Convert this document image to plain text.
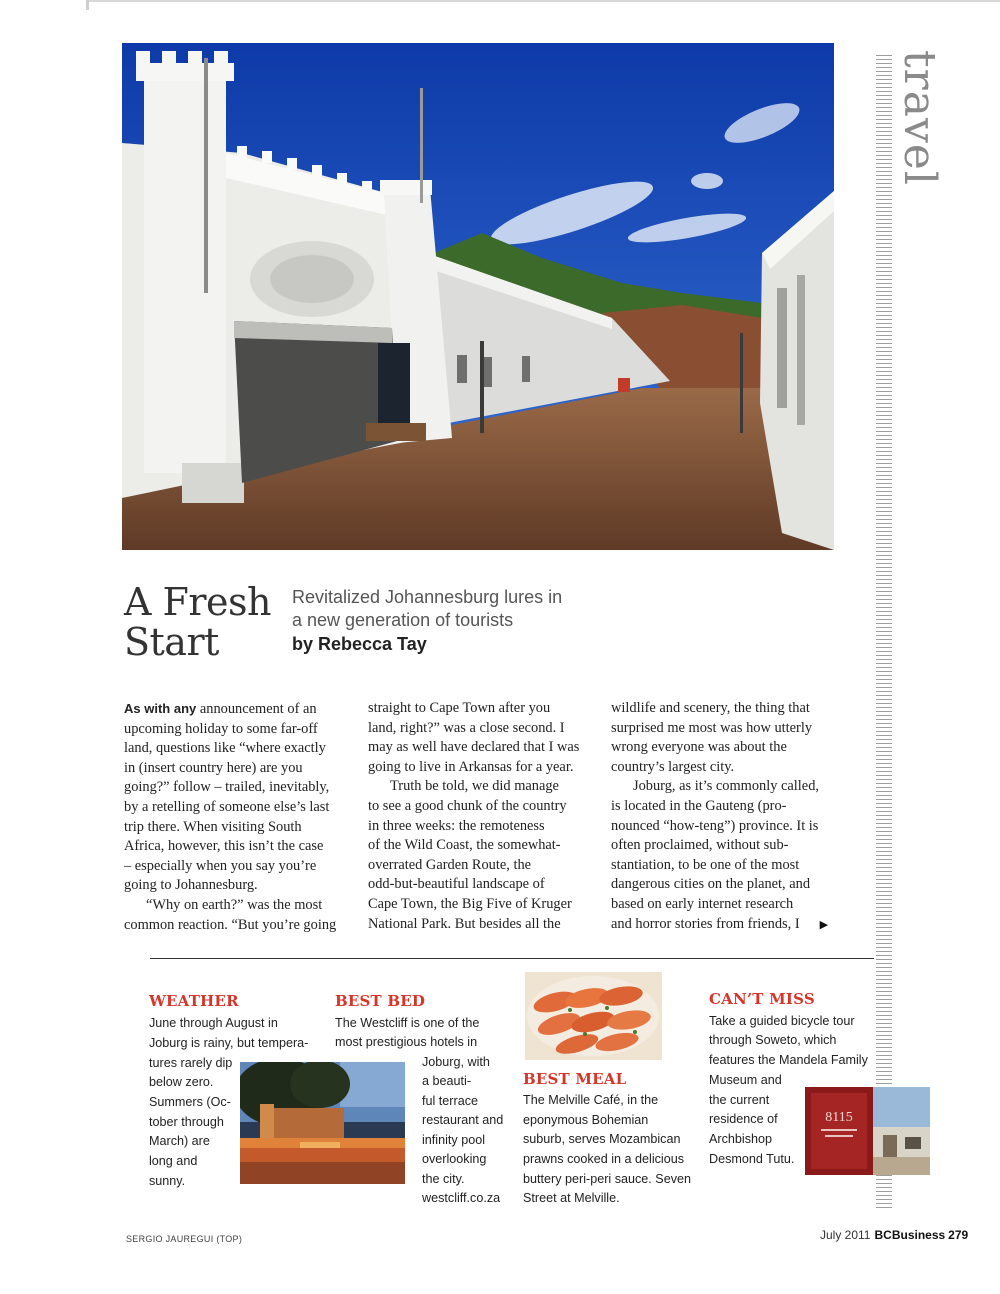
travel
A Fresh
Start
Revitalized Johannesburg lures in
a new generation of tourists
by Rebecca Tay
As with any announcement of an
upcoming holiday to some far-off
land, questions like “where exactly
in (insert country here) are you
going?” follow – trailed, inevitably,
by a retelling of someone else’s last
trip there. When visiting South
Africa, however, this isn’t the case
– especially when you say you’re
going to Johannesburg.
“Why on earth?” was the most
common reaction. “But you’re going
straight to Cape Town after you
land, right?” was a close second. I
may as well have declared that I was
going to live in Arkansas for a year.
Truth be told, we did manage
to see a good chunk of the country
in three weeks: the remoteness
of the Wild Coast, the somewhat-
overrated Garden Route, the
odd-but-beautiful landscape of
Cape Town, the Big Five of Kruger
National Park. But besides all the
wildlife and scenery, the thing that
surprised me most was how utterly
wrong everyone was about the
country’s largest city.
Joburg, as it’s commonly called,
is located in the Gauteng (pro-
nounced “how-teng”) province. It is
often proclaimed, without sub-
stantiation, to be one of the most
dangerous cities on the planet, and
based on early internet research
and horror stories from friends, I ▶
WEATHER
June through August in
Joburg is rainy, but tempera-
tures rarely dip
below zero.
Summers (Oc-
tober through
March) are
long and
sunny.
BEST BED
The Westcliff is one of the
most prestigious hotels in
Joburg, with
a beauti-
ful terrace
restaurant and
infinity pool
overlooking
the city.
westcliff.co.za
BEST MEAL
The Melville Café, in the
eponymous Bohemian
suburb, serves Mozambican
prawns cooked in a delicious
buttery peri-peri sauce. Seven
Street at Melville.
CAN’T MISS
Take a guided bicycle tour
through Soweto, which
features the Mandela Family
Museum and
the current
residence of
Archbishop
Desmond Tutu.
8115
SERGIO JAUREGUI (TOP)	July 2011 BCBusiness 279
